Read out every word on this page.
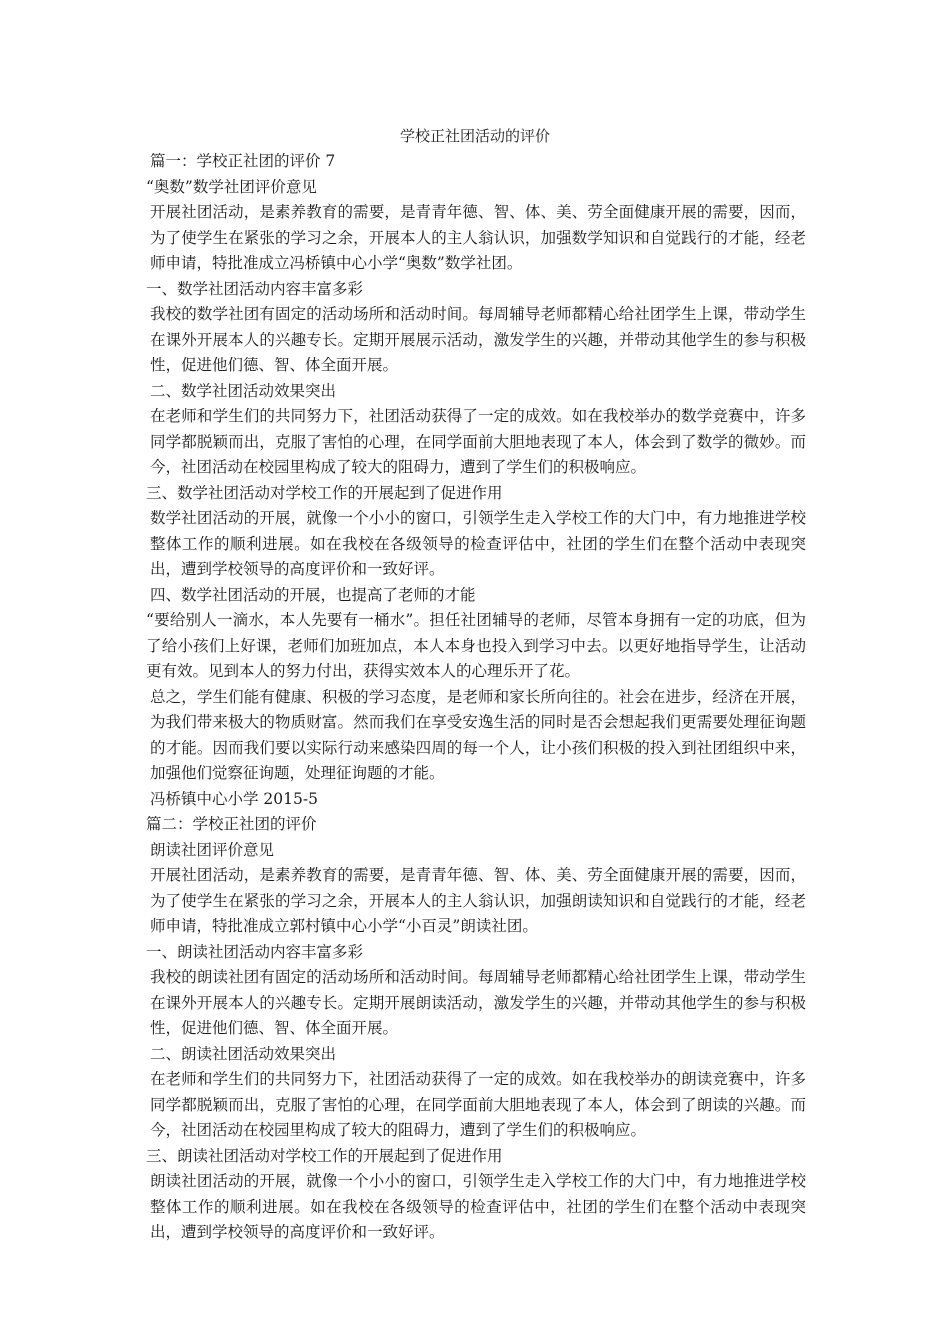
学校正社团活动的评价

篇一：学校正社团的评价 7

“奥数”数学社团评价意见

开展社团活动，是素养教育的需要，是青青年德、智、体、美、劳全面健康开展的需要，因而，为了使学生在紧张的学习之余，开展本人的主人翁认识，加强数学知识和自觉践行的才能，经老师申请，特批准成立冯桥镇中心小学“奥数”数学社团。

一、数学社团活动内容丰富多彩

我校的数学社团有固定的活动场所和活动时间。每周辅导老师都精心给社团学生上课，带动学生在课外开展本人的兴趣专长。定期开展展示活动，激发学生的兴趣，并带动其他学生的参与积极性，促进他们德、智、体全面开展。

二、数学社团活动效果突出

在老师和学生们的共同努力下，社团活动获得了一定的成效。如在我校举办的数学竞赛中，许多同学都脱颖而出，克服了害怕的心理，在同学面前大胆地表现了本人，体会到了数学的微妙。而今，社团活动在校园里构成了较大的阻碍力，遭到了学生们的积极响应。

三、数学社团活动对学校工作的开展起到了促进作用

数学社团活动的开展，就像一个小小的窗口，引领学生走入学校工作的大门中，有力地推进学校整体工作的顺利进展。如在我校在各级领导的检查评估中，社团的学生们在整个活动中表现突出，遭到学校领导的高度评价和一致好评。

四、数学社团活动的开展，也提高了老师的才能

“要给别人一滴水，本人先要有一桶水”。担任社团辅导的老师，尽管本身拥有一定的功底，但为了给小孩们上好课，老师们加班加点，本人本身也投入到学习中去。以更好地指导学生，让活动更有效。见到本人的努力付出，获得实效本人的心理乐开了花。

总之，学生们能有健康、积极的学习态度，是老师和家长所向往的。社会在进步，经济在开展，为我们带来极大的物质财富。然而我们在享受安逸生活的同时是否会想起我们更需要处理征询题的才能。因而我们要以实际行动来感染四周的每一个人，让小孩们积极的投入到社团组织中来，加强他们觉察征询题，处理征询题的才能。

冯桥镇中心小学 2015-5

篇二：学校正社团的评价

朗读社团评价意见

开展社团活动，是素养教育的需要，是青青年德、智、体、美、劳全面健康开展的需要，因而，为了使学生在紧张的学习之余，开展本人的主人翁认识，加强朗读知识和自觉践行的才能，经老师申请，特批准成立郭村镇中心小学“小百灵”朗读社团。

一、朗读社团活动内容丰富多彩

我校的朗读社团有固定的活动场所和活动时间。每周辅导老师都精心给社团学生上课，带动学生在课外开展本人的兴趣专长。定期开展朗读活动，激发学生的兴趣，并带动其他学生的参与积极性，促进他们德、智、体全面开展。

二、朗读社团活动效果突出

在老师和学生们的共同努力下，社团活动获得了一定的成效。如在我校举办的朗读竞赛中，许多同学都脱颖而出，克服了害怕的心理，在同学面前大胆地表现了本人，体会到了朗读的兴趣。而今，社团活动在校园里构成了较大的阻碍力，遭到了学生们的积极响应。

三、朗读社团活动对学校工作的开展起到了促进作用

朗读社团活动的开展，就像一个小小的窗口，引领学生走入学校工作的大门中，有力地推进学校整体工作的顺利进展。如在我校在各级领导的检查评估中，社团的学生们在整个活动中表现突出，遭到学校领导的高度评价和一致好评。
